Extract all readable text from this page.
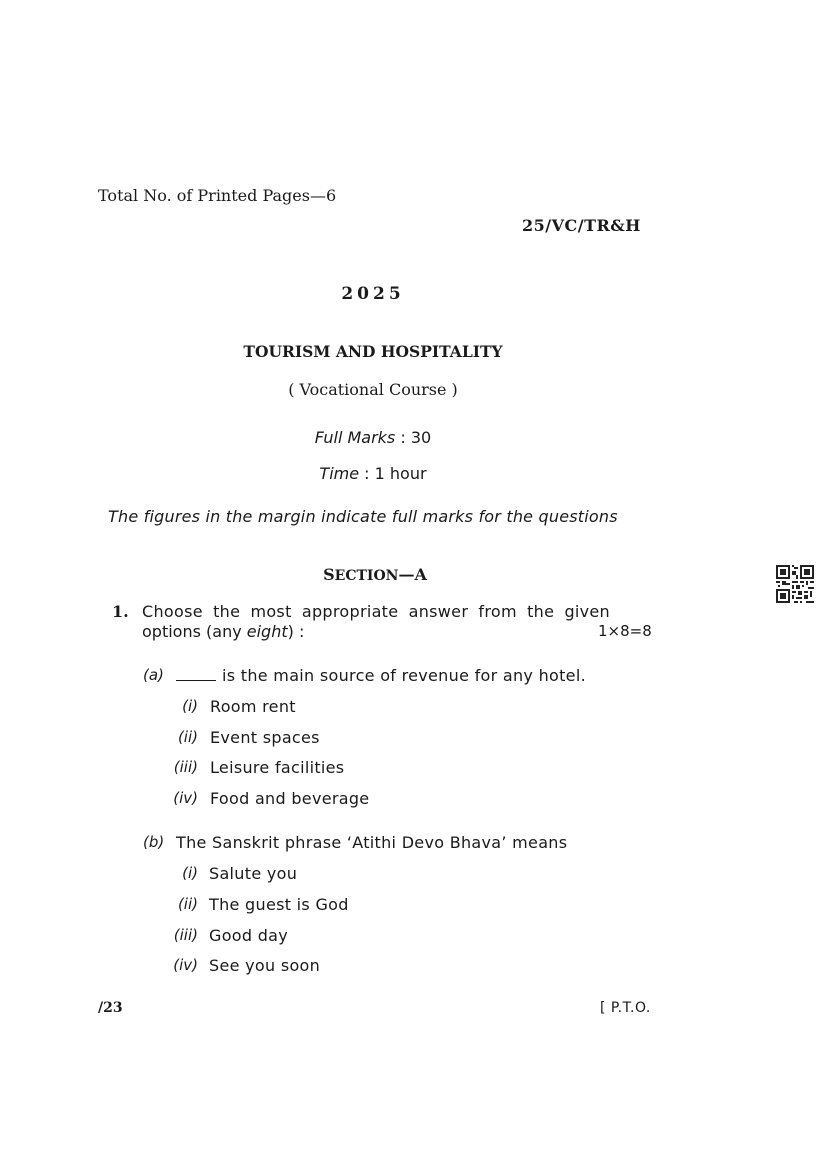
Total No. of Printed Pages—6
25/VC/TR&H
2025
TOURISM AND HOSPITALITY
( Vocational Course )
Full Marks : 30
Time : 1 hour
The figures in the margin indicate full marks for the questions
SECTION—A
1. Choose the most appropriate answer from the given
options (any eight) :	1×8=8
(a)	is the main source of revenue for any hotel.
(i) Room rent
(ii) Event spaces
(iii) Leisure facilities
(iv) Food and beverage
(b) The Sanskrit phrase ‘Atithi Devo Bhava’ means
(i) Salute you
(ii) The guest is God
(iii) Good day
(iv) See you soon
/23	[ P.T.O.
